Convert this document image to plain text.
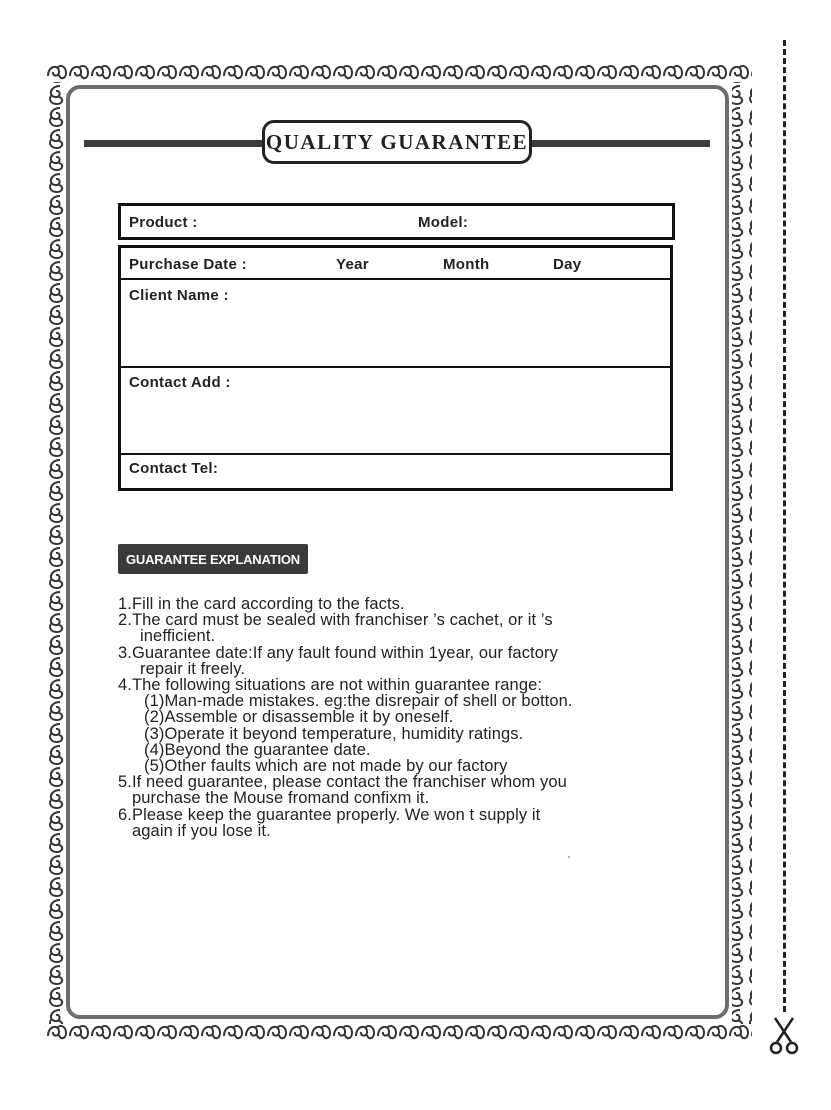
QUALITY GUARANTEE
Product :	Model:
Purchase Date :	Year	Month	Day
Client Name :
Contact Add :
Contact Tel:
GUARANTEE EXPLANATION
1.Fill in the card according to the facts.
2.The card must be sealed with franchiser ’s cachet, or it ’s
inefficient.
3.Guarantee date:If any fault found within 1year, our factory
repair it freely.
4.The following situations are not within guarantee range:
(1)Man-made mistakes. eg:the disrepair of shell or botton.
(2)Assemble or disassemble it by oneself.
(3)Operate it beyond temperature, humidity ratings.
(4)Beyond the guarantee date.
(5)Other faults which are not made by our factory
5.If need guarantee, please contact the franchiser whom you
purchase the Mouse fromand confixm it.
6.Please keep the guarantee properly. We won t supply it
again if you lose it.
'
